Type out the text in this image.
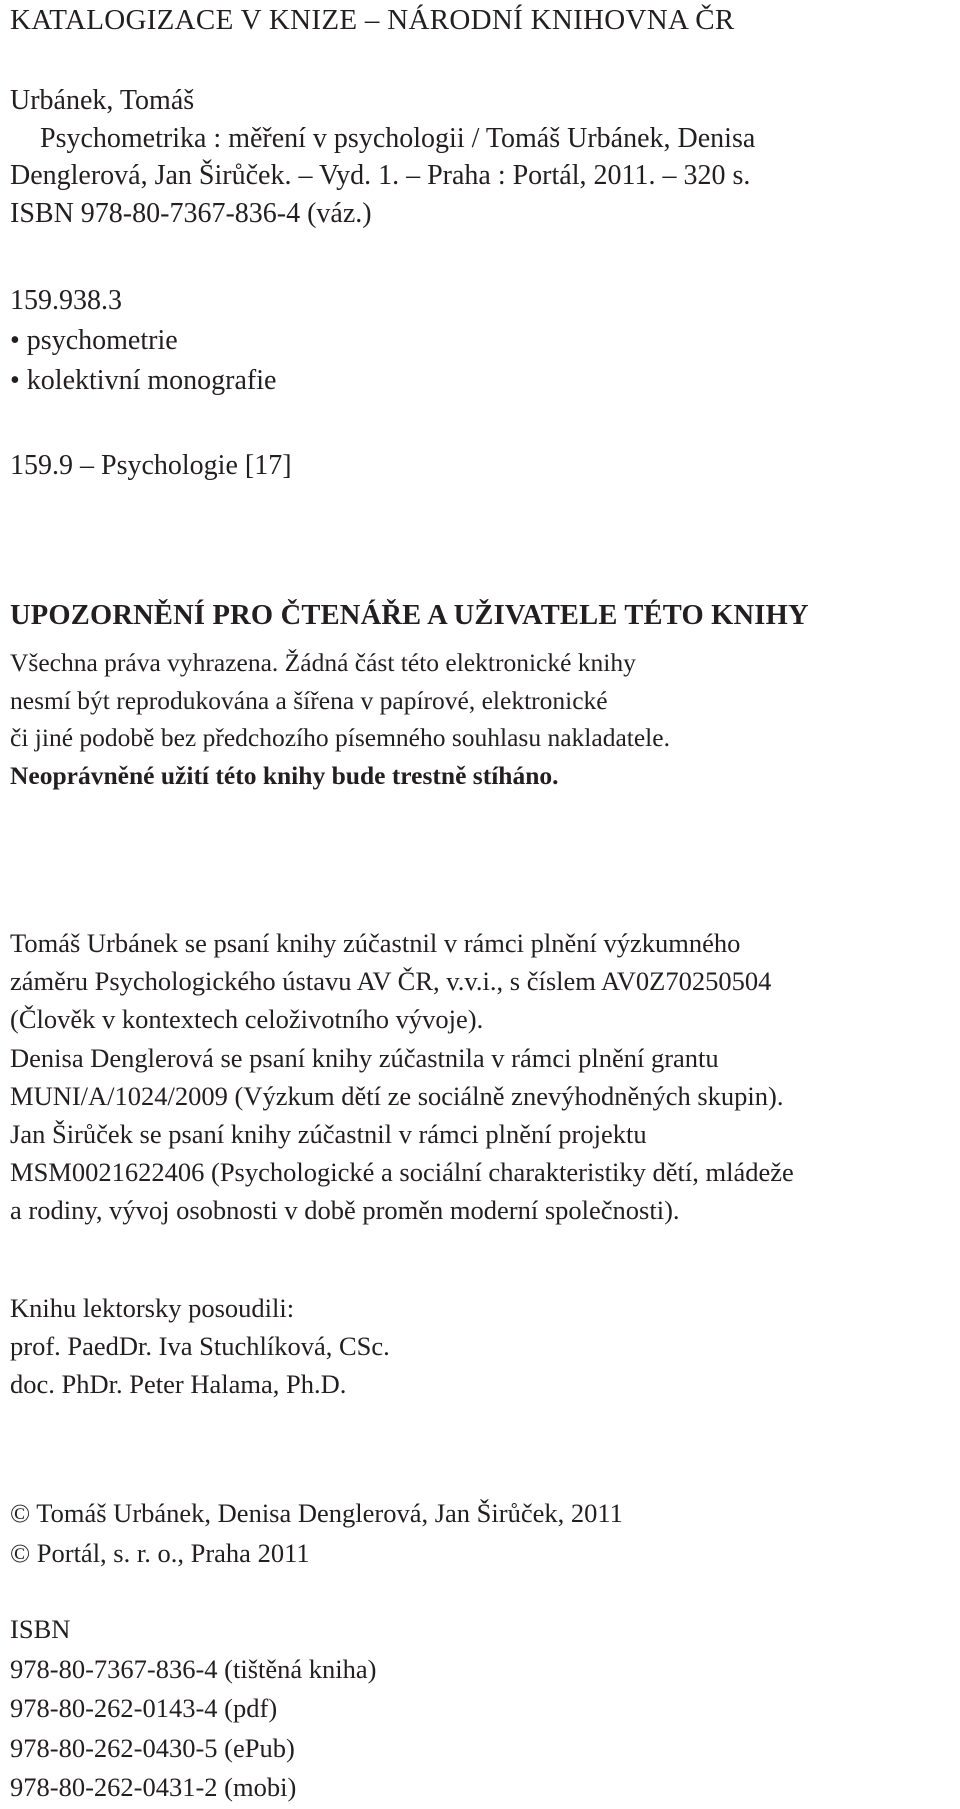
KATALOGIZACE V KNIZE – NÁRODNÍ KNIHOVNA ČR
Urbánek, Tomáš
Psychometrika : měření v psychologii / Tomáš Urbánek, Denisa
Denglerová, Jan Širůček. – Vyd. 1. – Praha : Portál, 2011. – 320 s.
ISBN 978-80-7367-836-4 (váz.)
159.938.3
• psychometrie
• kolektivní monografie
159.9 – Psychologie [17]
UPOZORNĚNÍ PRO ČTENÁŘE A UŽIVATELE TÉTO KNIHY
Všechna práva vyhrazena. Žádná část této elektronické knihy
nesmí být reprodukována a šířena v papírové, elektronické
či jiné podobě bez předchozího písemného souhlasu nakladatele.
Neoprávněné užití této knihy bude trestně stíháno.
Tomáš Urbánek se psaní knihy zúčastnil v rámci plnění výzkumného
záměru Psychologického ústavu AV ČR, v.v.i., s číslem AV0Z70250504
(Člověk v kontextech celoživotního vývoje).
Denisa Denglerová se psaní knihy zúčastnila v rámci plnění grantu
MUNI/A/1024/2009 (Výzkum dětí ze sociálně znevýhodněných skupin).
Jan Širůček se psaní knihy zúčastnil v rámci plnění projektu
MSM0021622406 (Psychologické a sociální charakteristiky dětí, mládeže
a rodiny, vývoj osobnosti v době proměn moderní společnosti).
Knihu lektorsky posoudili:
prof. PaedDr. Iva Stuchlíková, CSc.
doc. PhDr. Peter Halama, Ph.D.
© Tomáš Urbánek, Denisa Denglerová, Jan Širůček, 2011
© Portál, s. r. o., Praha 2011
ISBN
978-80-7367-836-4 (tištěná kniha)
978-80-262-0143-4 (pdf)
978-80-262-0430-5 (ePub)
978-80-262-0431-2 (mobi)
